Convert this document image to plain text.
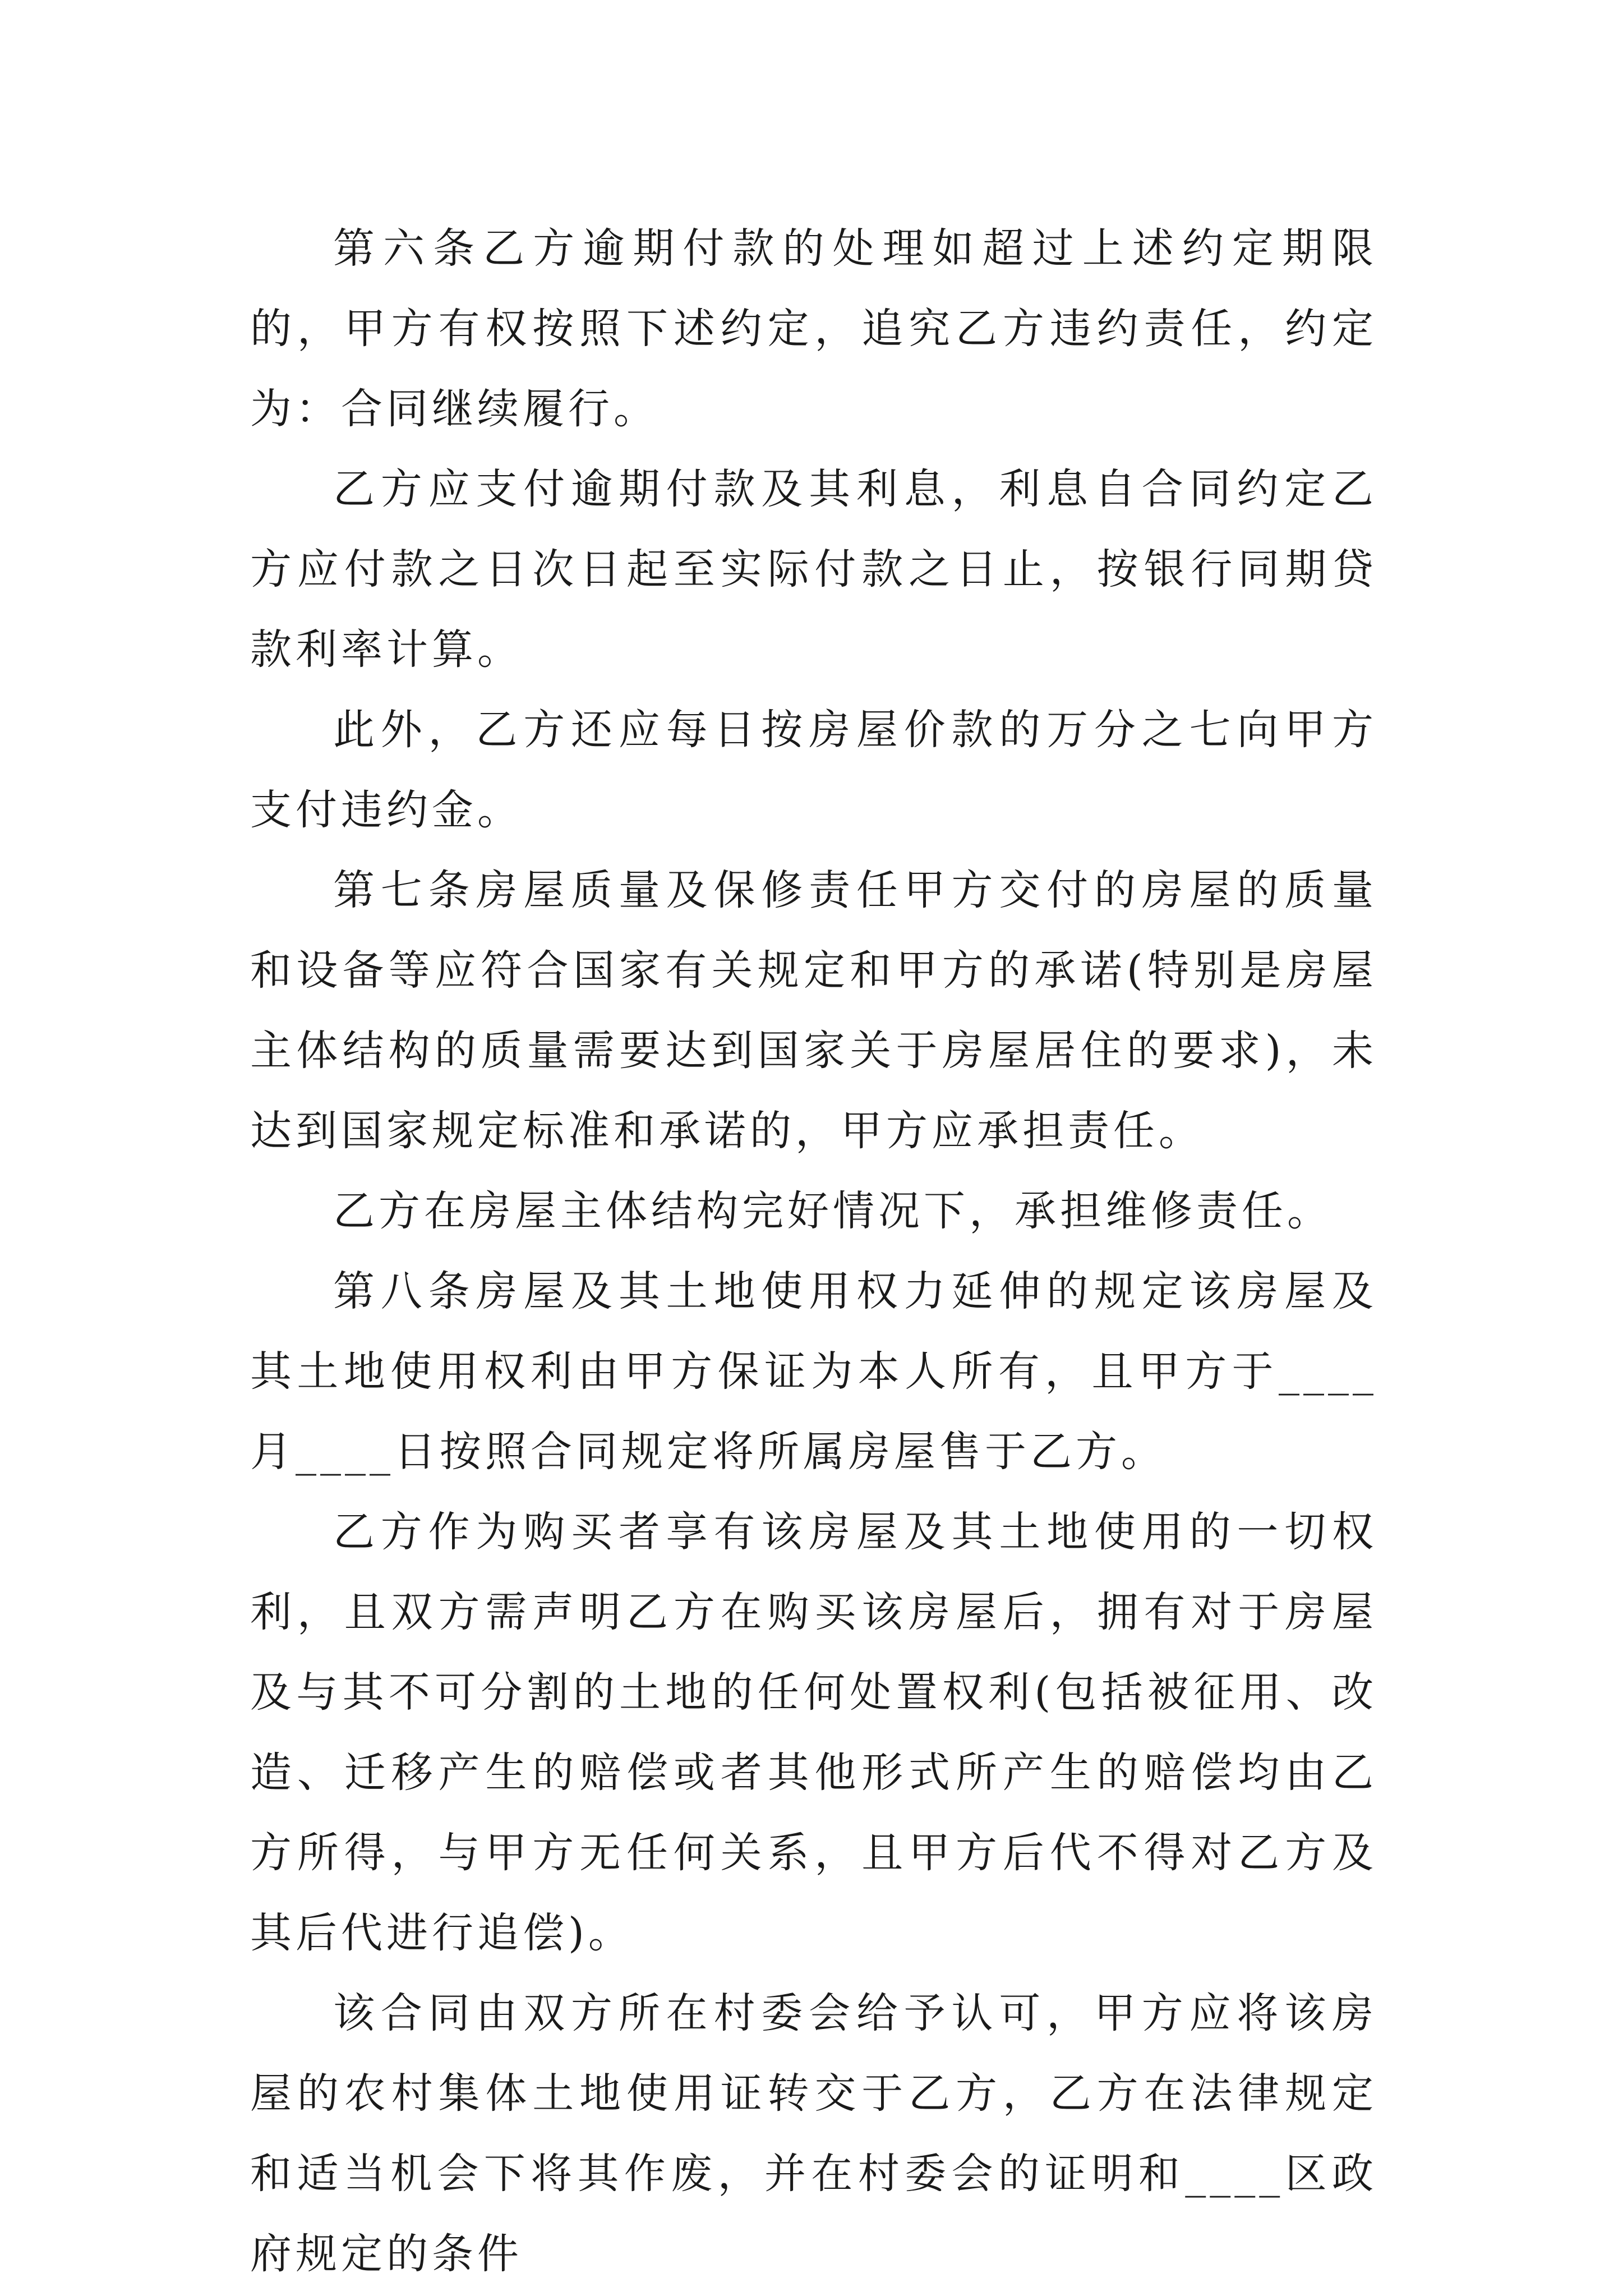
第六条乙方逾期付款的处理如超过上述约定期限的，甲方有权按照下述约定，追究乙方违约责任，约定为：合同继续履行。

乙方应支付逾期付款及其利息，利息自合同约定乙方应付款之日次日起至实际付款之日止，按银行同期贷款利率计算。

此外，乙方还应每日按房屋价款的万分之七向甲方支付违约金。

第七条房屋质量及保修责任甲方交付的房屋的质量和设备等应符合国家有关规定和甲方的承诺(特别是房屋主体结构的质量需要达到国家关于房屋居住的要求)，未达到国家规定标准和承诺的，甲方应承担责任。

乙方在房屋主体结构完好情况下，承担维修责任。

第八条房屋及其土地使用权力延伸的规定该房屋及其土地使用权利由甲方保证为本人所有，且甲方于____月____日按照合同规定将所属房屋售于乙方。

乙方作为购买者享有该房屋及其土地使用的一切权利，且双方需声明乙方在购买该房屋后，拥有对于房屋及与其不可分割的土地的任何处置权利(包括被征用、改造、迁移产生的赔偿或者其他形式所产生的赔偿均由乙方所得，与甲方无任何关系，且甲方后代不得对乙方及其后代进行追偿)。

该合同由双方所在村委会给予认可，甲方应将该房屋的农村集体土地使用证转交于乙方，乙方在法律规定和适当机会下将其作废，并在村委会的证明和____区政府规定的条件
